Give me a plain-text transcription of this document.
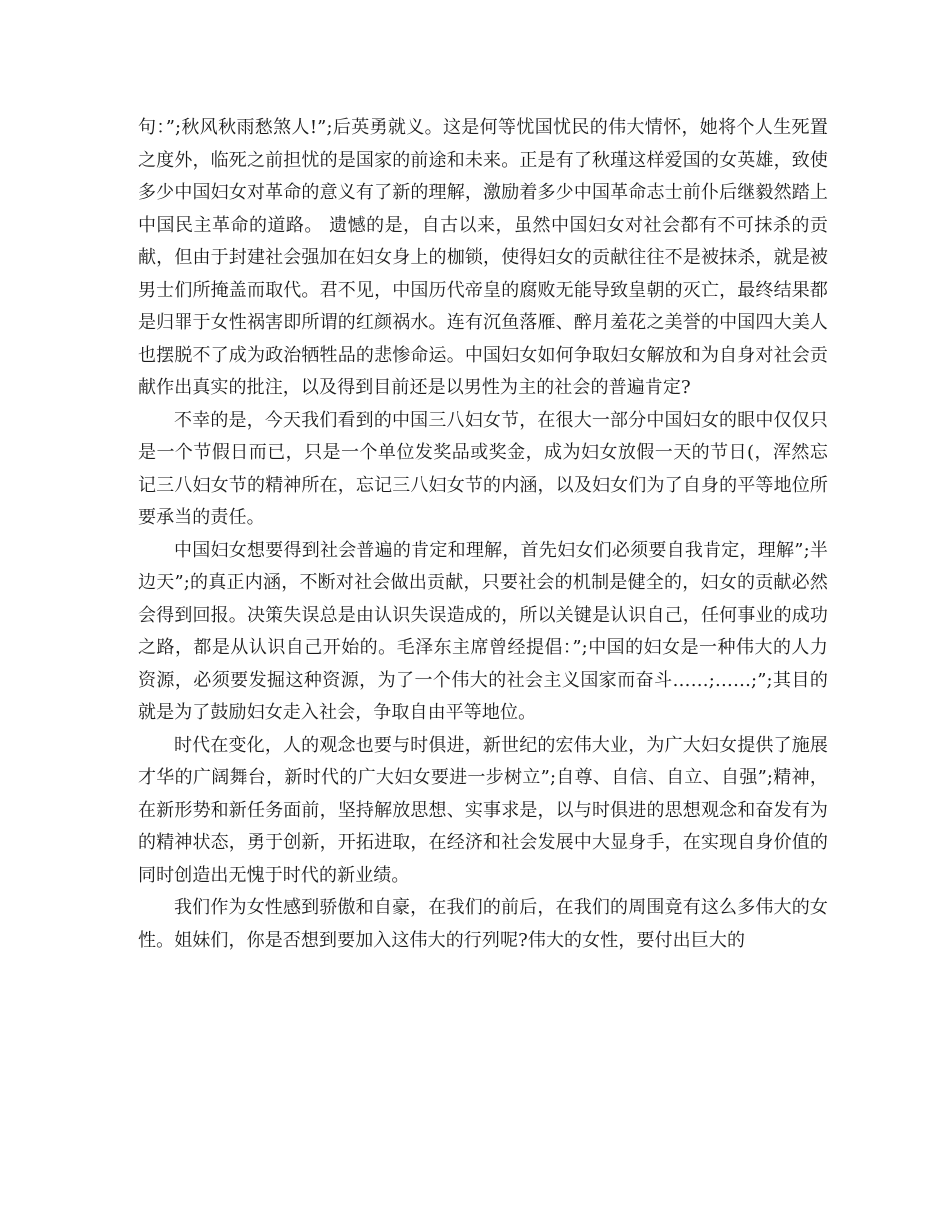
句：”;秋风秋雨愁煞人!”;后英勇就义。这是何等忧国忧民的伟大情怀，她将个人生死置之度外，临死之前担忧的是国家的前途和未来。正是有了秋瑾这样爱国的女英雄，致使多少中国妇女对革命的意义有了新的理解，激励着多少中国革命志士前仆后继毅然踏上中国民主革命的道路。 遗憾的是，自古以来，虽然中国妇女对社会都有不可抹杀的贡献，但由于封建社会强加在妇女身上的枷锁，使得妇女的贡献往往不是被抹杀，就是被男士们所掩盖而取代。君不见，中国历代帝皇的腐败无能导致皇朝的灭亡，最终结果都是归罪于女性祸害即所谓的红颜祸水。连有沉鱼落雁、醉月羞花之美誉的中国四大美人也摆脱不了成为政治牺牲品的悲惨命运。中国妇女如何争取妇女解放和为自身对社会贡献作出真实的批注，以及得到目前还是以男性为主的社会的普遍肯定?

不幸的是，今天我们看到的中国三八妇女节，在很大一部分中国妇女的眼中仅仅只是一个节假日而已，只是一个单位发奖品或奖金，成为妇女放假一天的节日(，浑然忘记三八妇女节的精神所在，忘记三八妇女节的内涵，以及妇女们为了自身的平等地位所要承当的责任。

中国妇女想要得到社会普遍的肯定和理解，首先妇女们必须要自我肯定，理解”;半边天”;的真正内涵，不断对社会做出贡献，只要社会的机制是健全的，妇女的贡献必然会得到回报。决策失误总是由认识失误造成的，所以关键是认识自己，任何事业的成功之路，都是从认识自己开始的。毛泽东主席曾经提倡：”;中国的妇女是一种伟大的人力资源，必须要发掘这种资源，为了一个伟大的社会主义国家而奋斗……;……;”;其目的就是为了鼓励妇女走入社会，争取自由平等地位。

时代在变化，人的观念也要与时俱进，新世纪的宏伟大业，为广大妇女提供了施展才华的广阔舞台，新时代的广大妇女要进一步树立”;自尊、自信、自立、自强”;精神，在新形势和新任务面前，坚持解放思想、实事求是，以与时俱进的思想观念和奋发有为的精神状态，勇于创新，开拓进取，在经济和社会发展中大显身手，在实现自身价值的同时创造出无愧于时代的新业绩。

我们作为女性感到骄傲和自豪，在我们的前后，在我们的周围竟有这么多伟大的女性。姐妹们，你是否想到要加入这伟大的行列呢?伟大的女性，要付出巨大的
